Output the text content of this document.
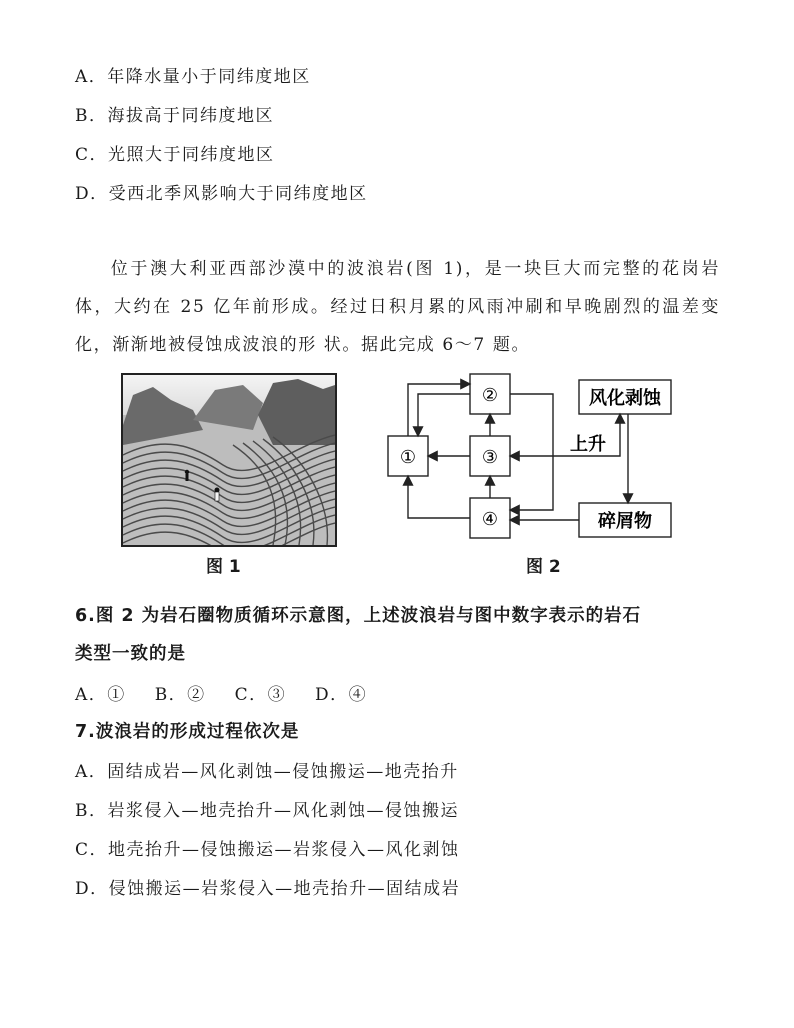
A．年降水量小于同纬度地区
B．海拔高于同纬度地区
C．光照大于同纬度地区
D．受西北季风影响大于同纬度地区
位于澳大利亚西部沙漠中的波浪岩(图 1)，是一块巨大而完整的花岗岩体，大约在 25 亿年前形成。经过日积月累的风雨冲刷和早晚剧烈的温差变化，渐渐地被侵蚀成波浪的形 状。据此完成 6～7 题。
图 1
①
②
③
④
风化剥蚀
碎屑物
上升
图 2
6.图 2 为岩石圈物质循环示意图，上述波浪岩与图中数字表示的岩石
类型一致的是
A．① B．② C．③ D．④
7.波浪岩的形成过程依次是
A．固结成岩—风化剥蚀—侵蚀搬运—地壳抬升
B．岩浆侵入—地壳抬升—风化剥蚀—侵蚀搬运
C．地壳抬升—侵蚀搬运—岩浆侵入—风化剥蚀
D．侵蚀搬运—岩浆侵入—地壳抬升—固结成岩
